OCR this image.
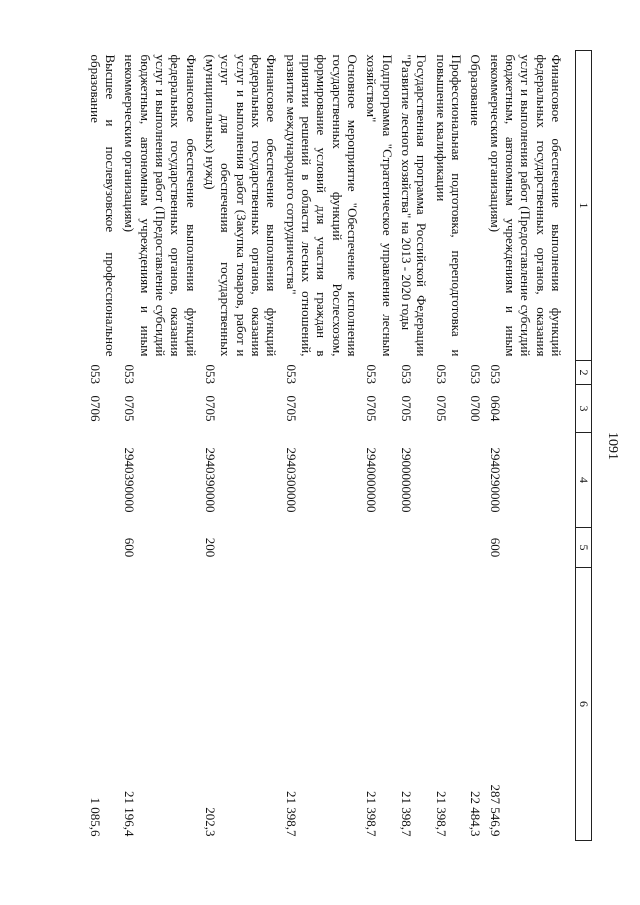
1091
1	2	3	4	5	6

Финансовое обеспечение выполнения функций федеральных государственных органов, оказания услуг и выполнения работ (Предоставление субсидий бюджетным, автономным учреждениям и иным некоммерческим организациям)	053	0604	2940290000	600	287 546,9
Образование	053	0700			22 484,3
Профессиональная подготовка, переподготовка и повышение квалификации	053	0705			21 398,7
Государственная программа Российской Федерации "Развитие лесного хозяйства" на 2013 - 2020 годы	053	0705	2900000000		21 398,7
Подпрограмма "Стратегическое управление лесным хозяйством"	053	0705	2940000000		21 398,7
Основное мероприятие "Обеспечение исполнения государственных функций Рослесхозом, формирование условий для участия граждан в принятии решений в области лесных отношений, развитие международного сотрудничества"	053	0705	2940300000		21 398,7
Финансовое обеспечение выполнения функций федеральных государственных органов, оказания услуг и выполнения работ (Закупка товаров, работ и услуг для обеспечения государственных (муниципальных) нужд)	053	0705	2940390000	200	202,3
Финансовое обеспечение выполнения функций федеральных государственных органов, оказания услуг и выполнения работ (Предоставление субсидий бюджетным, автономным учреждениям и иным некоммерческим организациям)	053	0705	2940390000	600	21 196,4
Высшее и послевузовское профессиональное образование	053	0706			1 085,6
